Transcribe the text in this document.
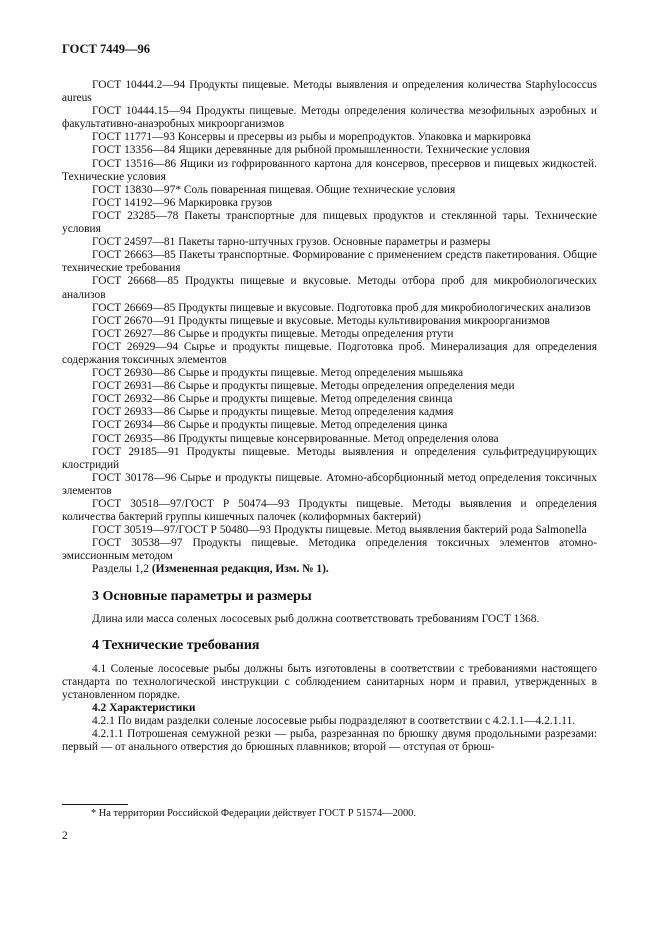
ГОСТ 7449—96

ГОСТ 10444.2—94 Продукты пищевые. Методы выявления и определения количества Staphylococcus aureus

ГОСТ 10444.15—94 Продукты пищевые. Методы определения количества мезофильных аэробных и факультативно-анаэробных микроорганизмов

ГОСТ 11771—93 Консервы и пресервы из рыбы и морепродуктов. Упаковка и маркировка

ГОСТ 13356—84 Ящики деревянные для рыбной промышленности. Технические условия

ГОСТ 13516—86 Ящики из гофрированного картона для консервов, пресервов и пищевых жидкостей. Технические условия

ГОСТ 13830—97* Соль поваренная пищевая. Общие технические условия

ГОСТ 14192—96 Маркировка грузов

ГОСТ 23285—78 Пакеты транспортные для пищевых продуктов и стеклянной тары. Технические условия

ГОСТ 24597—81 Пакеты тарно-штучных грузов. Основные параметры и размеры

ГОСТ 26663—85 Пакеты транспортные. Формирование с применением средств пакетирования. Общие технические требования

ГОСТ 26668—85 Продукты пищевые и вкусовые. Методы отбора проб для микробиологических анализов

ГОСТ 26669—85 Продукты пищевые и вкусовые. Подготовка проб для микробиологических анализов

ГОСТ 26670—91 Продукты пищевые и вкусовые. Методы культивирования микроорганизмов

ГОСТ 26927—86 Сырье и продукты пищевые. Методы определения ртути

ГОСТ 26929—94 Сырье и продукты пищевые. Подготовка проб. Минерализация для определения содержания токсичных элементов

ГОСТ 26930—86 Сырье и продукты пищевые. Метод определения мышьяка

ГОСТ 26931—86 Сырье и продукты пищевые. Методы определения определения меди

ГОСТ 26932—86 Сырье и продукты пищевые. Метод определения свинца

ГОСТ 26933—86 Сырье и продукты пищевые. Метод определения кадмия

ГОСТ 26934—86 Сырье и продукты пищевые. Метод определения цинка

ГОСТ 26935—86 Продукты пищевые консервированные. Метод определения олова

ГОСТ 29185—91 Продукты пищевые. Методы выявления и определения сульфитредуцирующих клостридий

ГОСТ 30178—96 Сырье и продукты пищевые. Атомно-абсорбционный метод определения токсичных элементов

ГОСТ 30518—97/ГОСТ Р 50474—93 Продукты пищевые. Методы выявления и определения количества бактерий группы кишечных палочек (колиформных бактерий)

ГОСТ 30519—97/ГОСТ Р 50480—93 Продукты пищевые. Метод выявления бактерий рода Salmonella

ГОСТ 30538—97 Продукты пищевые. Методика определения токсичных элементов атомно-эмиссионным методом

Разделы 1,2 (Измененная редакция, Изм. № 1).

3 Основные параметры и размеры

Длина или масса соленых лососевых рыб должна соответствовать требованиям ГОСТ 1368.

4 Технические требования

4.1 Соленые лососевые рыбы должны быть изготовлены в соответствии с требованиями настоящего стандарта по технологической инструкции с соблюдением санитарных норм и правил, утвержденных в установленном порядке.

4.2 Характеристики

4.2.1 По видам разделки соленые лососевые рыбы подразделяют в соответствии с 4.2.1.1—4.2.1.11.

4.2.1.1 Потрошеная семужной резки — рыба, разрезанная по брюшку двумя продольными разрезами: первый — от анального отверстия до брюшных плавников; второй — отступая от брюш-

* На территории Российской Федерации действует ГОСТ Р 51574—2000.
2
